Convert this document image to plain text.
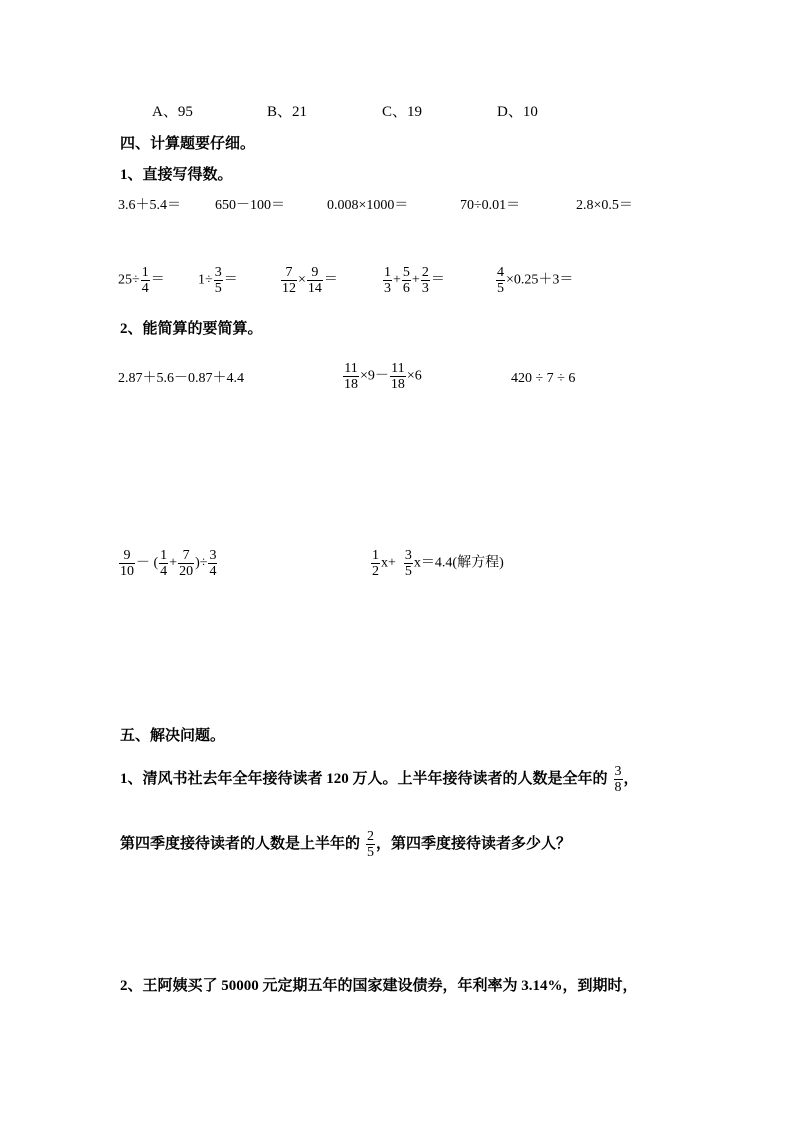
A、95	B、21	C、19	D、10
四、计算题要仔细。
1、直接写得数。
3.6＋5.4＝ 650－100＝	0.008×1000＝	70÷0.01＝	2.8×0.5＝
$25\div \frac{1}{4} = 1\div \frac{3}{5}$ ＝	$\frac{7}{12} \times \frac{9}{14}$ ＝	$\frac{1}{3} + \frac{5}{6} + \frac{2}{3}$ ＝	$\frac{4}{5} \times 0.25+3=$
2、能简算的要简算。
2.87＋5.6－0.87＋4.4	$\frac{11}{18} \times 9- \frac{11}{18} \times 6$	420 ÷ 7 ÷ 6
$\frac{9}{10}$ － ( $\frac{1}{4} + \frac{7}{20}$ )÷ $\frac{3}{4}$	$\frac{1}{2} x+ \frac{3}{5} x=4.4$(解方程)
五、解决问题。
1、清风书社去年全年接待读者 120 万人。上半年接待读者的人数是全年的 $\frac{3}{8}$ ，
第四季度接待读者的人数是上半年的 $\frac{2}{5}$ ，第四季度接待读者多少人？
2、王阿姨买了 50000 元定期五年的国家建设债券，年利率为 3.14%，到期时，
